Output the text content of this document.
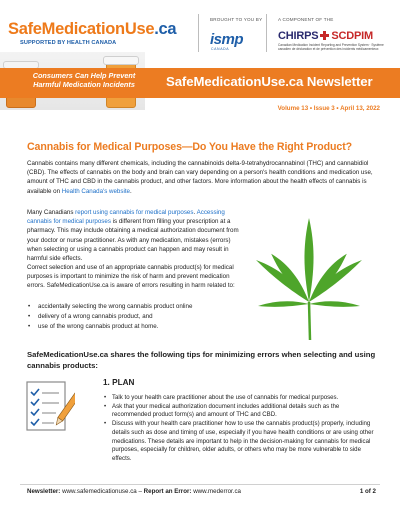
SafeMedicationUse.ca
SUPPORTED BY HEALTH CANADA
BROUGHT TO YOU BY
ismp
CANADA
A COMPONENT OF THE
CHIRPS SCDPIM
Canadian Medication Incident Reporting and Prevention System · Système canadien de déclaration et de prévention des incidents médicamenteux
Consumers Can Help Prevent Harmful Medication Incidents	SafeMedicationUse.ca Newsletter
Volume 13 • Issue 3 • April 13, 2022
Cannabis for Medical Purposes—Do You Have the Right Product?

Cannabis contains many different chemicals, including the cannabinoids delta-9-tetrahydrocannabinol (THC) and cannabidiol (CBD). The effects of cannabis on the body and brain can vary depending on a person's health conditions and medication use, amount of THC and CBD in the cannabis product, and other factors. More information about the health effects of cannabis is available on Health Canada's website.

Many Canadians report using cannabis for medical purposes. Accessing cannabis for medical purposes is different from filling your prescription at a pharmacy. This may include obtaining a medical authorization document from your doctor or nurse practitioner. As with any medication, mistakes (errors) when selecting or using a cannabis product can happen and may result in harmful side effects.

Correct selection and use of an appropriate cannabis product(s) for medical purposes is important to minimize the risk of harm and prevent medication errors. SafeMedicationUse.ca is aware of errors resulting in harm related to:

• accidentally selecting the wrong cannabis product online
• delivery of a wrong cannabis product, and
• use of the wrong cannabis product at home.
SafeMedicationUse.ca shares the following tips for minimizing errors when selecting and using cannabis products:
1. PLAN
• Talk to your health care practitioner about the use of cannabis for medical purposes.
• Ask that your medical authorization document includes additional details such as the recommended product form(s) and amount of THC and CBD.
• Discuss with your health care practitioner how to use the cannabis product(s) properly, including details such as dose and timing of use, especially if you have health conditions or are using other medications. These details are important to help in the decision-making for cannabis for medical purposes, especially for children, older adults, or others who may be more vulnerable to side effects.
Newsletter: www.safemedicationuse.ca – Report an Error: www.mederror.ca	1 of 2
